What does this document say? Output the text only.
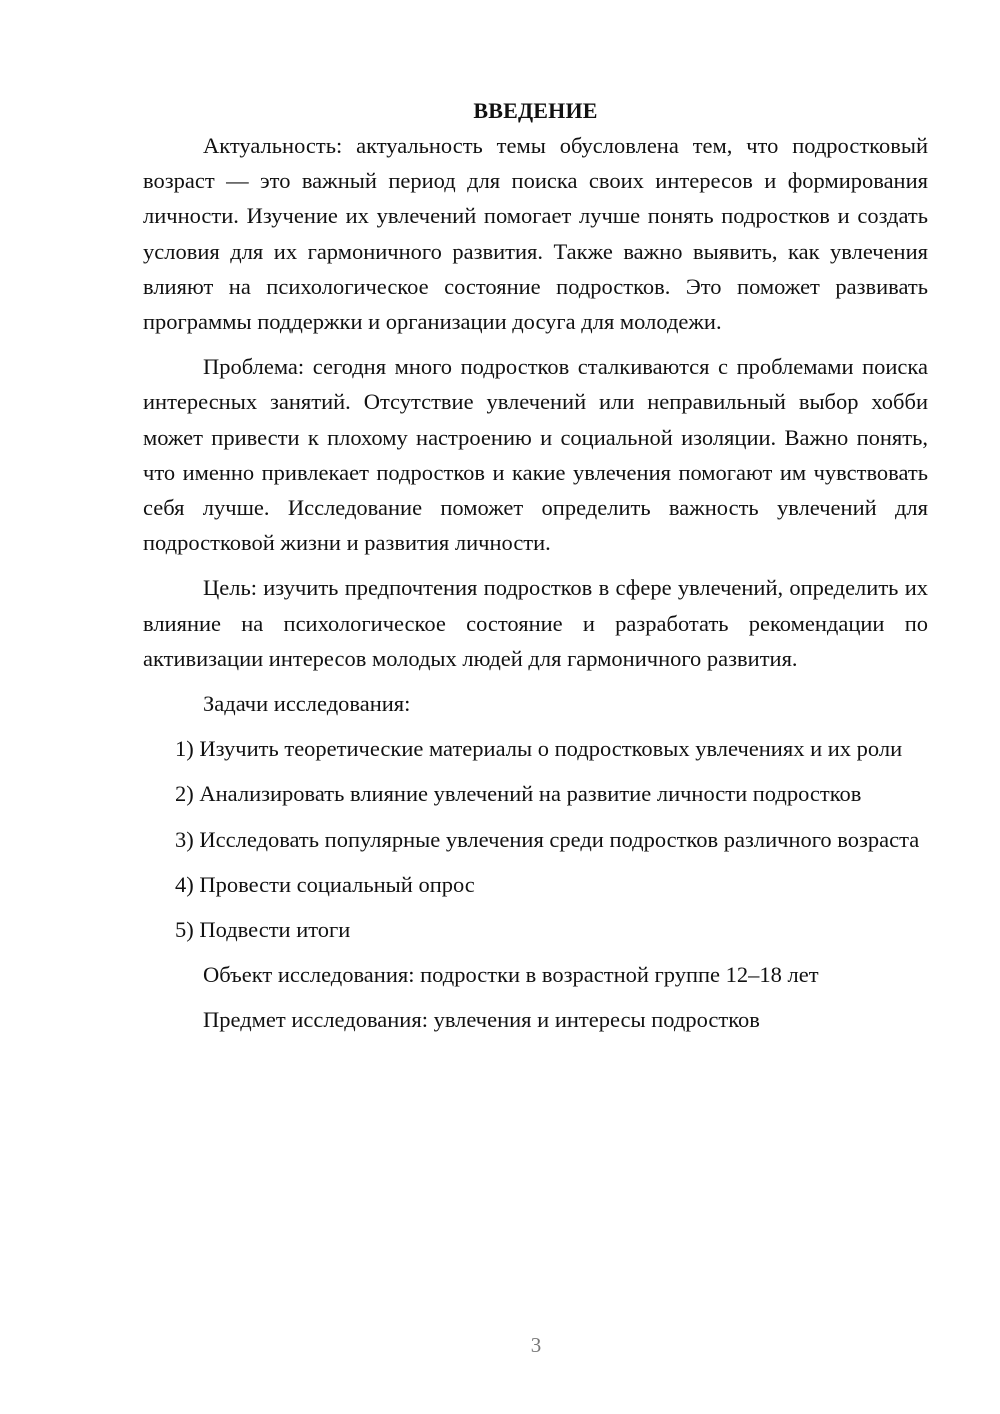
ВВЕДЕНИЕ

Актуальность: актуальность темы обусловлена тем, что подростковый возраст — это важный период для поиска своих интересов и формирования личности. Изучение их увлечений помогает лучше понять подростков и создать условия для их гармоничного развития. Также важно выявить, как увлечения влияют на психологическое состояние подростков. Это поможет развивать программы поддержки и организации досуга для молодежи.

Проблема: сегодня много подростков сталкиваются с проблемами поиска интересных занятий. Отсутствие увлечений или неправильный выбор хобби может привести к плохому настроению и социальной изоляции. Важно понять, что именно привлекает подростков и какие увлечения помогают им чувствовать себя лучше. Исследование поможет определить важность увлечений для подростковой жизни и развития личности.

Цель: изучить предпочтения подростков в сфере увлечений, определить их влияние на психологическое состояние и разработать рекомендации по активизации интересов молодых людей для гармоничного развития.

Задачи исследования:

1) Изучить теоретические материалы о подростковых увлечениях и их роли

2) Анализировать влияние увлечений на развитие личности подростков

3) Исследовать популярные увлечения среди подростков различного возраста

4) Провести социальный опрос

5) Подвести итоги

Объект исследования: подростки в возрастной группе 12–18 лет

Предмет исследования: увлечения и интересы подростков

3
